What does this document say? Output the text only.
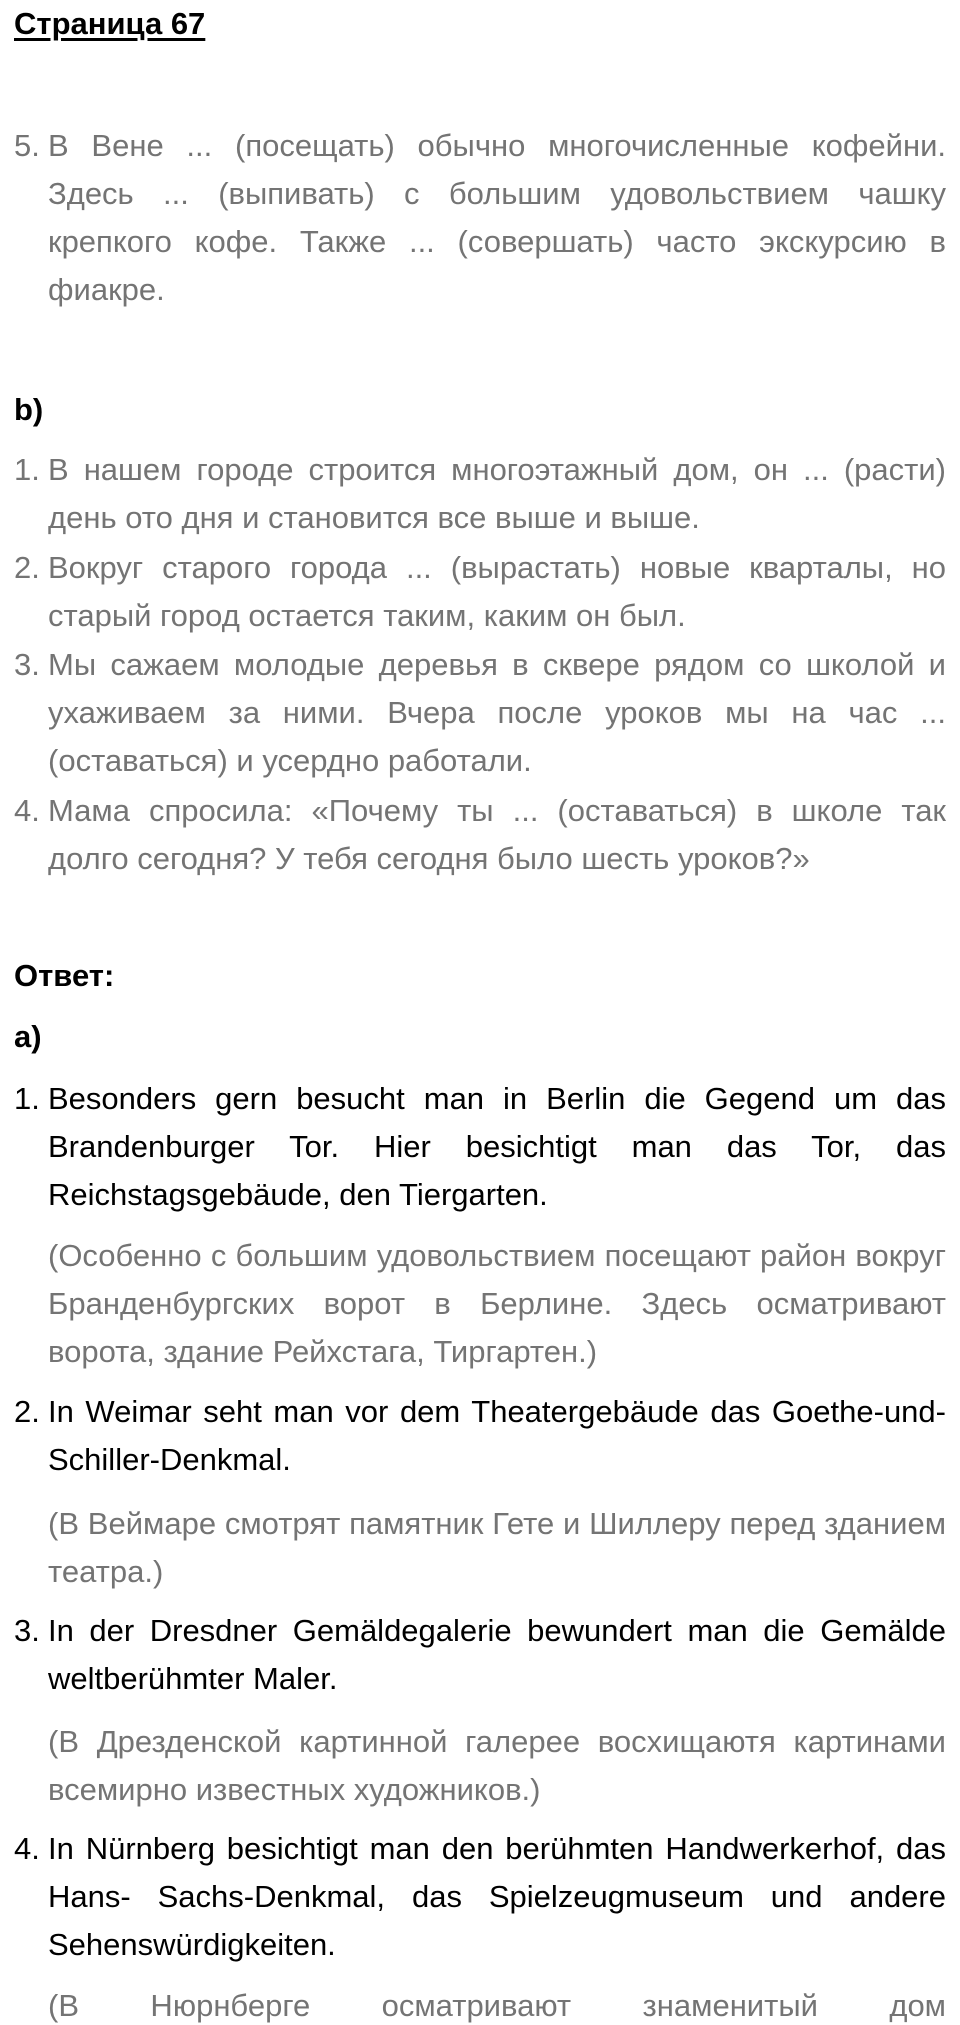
Страница 67
5. В Вене ... (посещать) обычно многочисленные кофейни. Здесь ... (выпивать) с большим удовольствием чашку крепкого кофе. Также ... (совершать) часто экскурсию в фиакре.
b)
1. В нашем городе строится многоэтажный дом, он ... (расти) день ото дня и становится все выше и выше.
2. Вокруг старого города ... (вырастать) новые кварталы, но старый город остается таким, каким он был.
3. Мы сажаем молодые деревья в сквере рядом со школой и ухаживаем за ними. Вчера после уроков мы на час ... (оставаться) и усердно работали.
4. Мама спросила: «Почему ты ... (оставаться) в школе так долго сегодня? У тебя сегодня было шесть уроков?»
Ответ:
a)
1. Besonders gern besucht man in Berlin die Gegend um das Brandenburger Tor. Hier besichtigt man das Tor, das Reichstagsgebäude, den Tiergarten.
(Особенно с большим удовольствием посещают район вокруг Бранденбургских ворот в Берлине. Здесь осматривают ворота, здание Рейхстага, Тиргартен.)
2. In Weimar seht man vor dem Theatergebäude das Goethe-und-Schiller-Denkmal.
(В Веймаре смотрят памятник Гете и Шиллеру перед зданием театра.)
3. In der Dresdner Gemäldegalerie bewundert man die Gemälde weltberühmter Maler.
(В Дрезденской картинной галерее восхищаютя картинами всемирно известных художников.)
4. In Nürnberg besichtigt man den berühmten Handwerkerhof, das Hans- Sachs-Denkmal, das Spielzeugmuseum und andere Sehenswürdigkeiten.
(В Нюрнберге осматривают знаменитый дом
